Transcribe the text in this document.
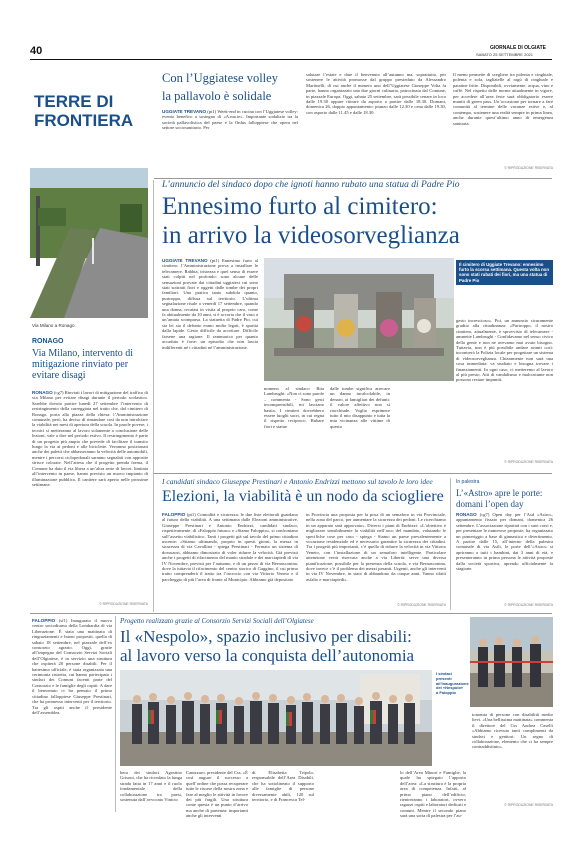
40	GIORNALE DI OLGIATE
SABATO 25 SETTEMBRE 2021
TERRE DI
FRONTIERA
Con l’Uggiatese volley
la pallavolo è solidale
UGGIATE TREVANO (pt1) Week-end in cucina con l’Uggiatese volley: evento benefico a sostegno di «A.ma.te». Importante sodalizio tra la società pallavolistica del paese e la Onlus falloppiese che opera nel settore sociosanitario. Per
salutare l’estate e dare il benvenuto all’autunno ma, soprattutto, per sostenere le attività promosse dal gruppo presieduto da Alessandro Martinelli, di cui anche il numero uno dell’Uggiatese Giuseppe Volta fa parte, hanno organizzato una due giorni culinaria, patrocinata dal Comune, in piazzale Europa. Oggi, sabato 25 settembre, sarà possibile cenare in loco dalle 19.30 oppure ritirare da asporto a partire dalle 18.30. Domani, domenica 26, doppio appuntamento: pranzo dalle 12.30 e cena dalle 19.30, con asporto dalle 11.45 e dalle 18.30.
Il menu permette di scegliere tra polenta e cinghiale, polenta e zola, tagliatelle al ragù di cinghiale e patatine fritte. Disponibili, ovviamente, acqua, vino e caffè. Nel rispetto delle norme attualmente in vigore, per accedere all’area feste sarà obbligatorio essere muniti di green pass. Un’occasione per tornare a fare comunità al termine delle vacanze estive e, al contempo, sostenere una realtà sempre in prima linea, anche durante quest’ultimo anno di emergenza sanitaria.
© RIPRODUZIONE RISERVATA
Via Milano a Ronago
RONAGO
Via Milano, intervento di mitigazione rinviato per evitare disagi
RONAGO (cg7) Rinviati i lavori di mitigazione del traffico di via Milano per evitare disagi durante il periodo scolastico. Sarebbe dovuto partire lunedì 27 settembre l’intervento di restringimento della carreggiata nel tratto che, dal cimitero di Ronago, porta alla piazza della chiesa: l’Amministrazione comunale, però, ha deciso di rimandare così da non intralciare la viabilità nei mesi di apertura della scuola. In parole povere, i tecnici si metteranno al lavoro solamente a conclusione delle lezioni, vale a dire nel periodo estivo. Il restringimento è parte di un progetto più ampio che prevede di facilitare il transito lungo la via ai pedoni e alle biciclette. Verranno posizionati anche dei paletti che abbasseranno la velocità delle automobili, mentre i percorsi ciclopedonali saranno segnalati con apposite strisce colorate. Nell’attesa che il progetto prenda forma, il Comune ha dato il via libera a un’altra serie di lavori: limitata all’intervento in paese, hanno previsto un nuovo impianto di illuminazione pubblica. Il cantiere sarà aperto nelle prossime settimane.
© RIPRODUZIONE RISERVATA
L’annuncio del sindaco dopo che ignoti hanno rubato una statua di Padre Pio
Ennesimo furto al cimitero:
in arrivo la videosorveglianza
UGGIATE TREVANO (pt1) Ennesimo furto al cimitero: l’Amministrazione prova a installare le telecamere. Rabbia, tristezza e quel senso di essere stati colpiti nel profondo: sono alcune delle sensazioni provate dai cittadini uggiatesi cui sono stati sottratti fiori e oggetti dalle tombe dei propri familiari. Una pratica tanto subdola quanto, purtroppo, diffusa sul territorio. L’ultima segnalazione risale a venerdì 17 settembre, quando una donna, recatasi in visita al proprio caro, come fa abitualmente da 10 anni, si è accorta che il vaso a un’amata scomparsa. La statuetta di Padre Pio, cui sia lei sia il defunto erano molto legati, è sparita dalla lapide. Gesto difficile da accettare. Difficile farsene una ragione. Il rammarico per quanto accaduto è forte: un episodio che non lascia indifferenti né i cittadini né l’amministrazione.
Il cimitero di Uggiate Trevano: ennesimo furto la scorsa settimana. Questa volta non sono stati rubati dei fiori, ma una statua di Padre Pio
nomeno al sindaco Rita Lambrughi: «Non ci sono parole – commenta - Sono gesti incomprensibili, mi lasciano basita. I cimiteri dovrebbero essere luoghi sacri, in cui regna il rispetto reciproco. Rubare fiori e statue
dalle tombe significa arrecare un danno incalcolabile, in denaro, ai famigliari dei defunti: il valore affettivo non si riacchiude. Voglio esprimere tutto il mio disappunto e tutta la mia vicinanza alle vittime di questo
gesto increscioso». Poi, un annuncio sicuramente gradito alla cittadinanza: «Purtroppo, il nostro cimitero, attualmente, è sprovvisto di telecamere - ammette Lambrughi - Confidavamo nel senso civico della gente e non ne avevamo mai avuto bisogno. Tuttavia, non è più possibile andare avanti così: incontrerò la Polizia locale per progettare un sistema di videosorveglianza. Chiaramente non sarà una cosa immediata: va studiato e bisogna trovare i finanziamenti. In ogni caso, ci metteremo al lavoro al più presto. Atti di vandalismo e malcostume non possono restare impuniti.
© RIPRODUZIONE RISERVATA
I candidati sindaco Giuseppe Prestinari e Antonio Endrizzi mettono sul tavolo le loro idee
Elezioni, la viabilità è un nodo da sciogliere
FALOPPIO (pt1) Comodità e sicurezza: le due liste elettorali guardano al futuro della viabilità. A una settimana dalle Elezioni amministrative, Giuseppe Prestinari e Antonio Endrizzi, candidati sindaco, rispettivamente, di «Faloppio futuro» e «Siamo Faloppio», si confrontano sull’assetto viabilistico. Tanti i progetti già sul tavolo del primo cittadino uscente: «Stiamo ultimando, proprio in questi giorni, la messa in sicurezza di via Cavallina - spiega Prestinari - Fermato un sistema di dossuaori, abbiamo dimostrato di voler ridurre la velocità. Già previsti anche i progetti di rifacimento del manto stradale e dei marciapiedi di via IV Novembre, previsti per l’autunno, e di un pezzo di via Bernasconina, dove la tuttavia il rifacimento del centro storico di Gaggino, il cui primo tratto comprenderà il tratto tra l’incrocio con via Vittorio Veneto e il parcheggio di più l’area di fronte al Municipio. Abbiamo già depositato
in Provincia una proposta per la posa di un semaforo in via Provinciale, nella zona del parco, per aumentare la sicurezza dei pedoni. Le ricerchiamo in un apparato sarà approvato». Diversi i piani di Endrizzi: «L’obiettivo è migliorare sensibilmente la viabilità nell’arco del mandato, valutando le specifiche cose per caso - spiega - Siamo un paese prevalentemente a vocazione residenziale ed è necessario garantire la sicurezza dei cittadini. Tra i progetti più importanti, c’è quello di ridurre la velocità in via Vittorio Veneto, con l’installazione di un semaforo intelligente. Particolare attenzione verrà riservata anche a via Libertà: serve una diversa pianificazione, possibile per la presenza della scuola, e via Bernasconina, dove invece c’è il problema dei mezzi pesanti. Urgenti, anche gli interventi in via IV Novembre, in stato di abbandono da cinque anni. Vanno rifatti asfalto e marciapiedi».
© RIPRODUZIONE RISERVATA
In palestra
L’«Astro» apre le porte: domani l’open day
RONAGO (cg7) Open day per l’Asd «Astro», appuntamento fissato per domani, domenica 26 settembre. L’associazione ripartirà con i suoi corsi e, per presentare le numerose proposte, ha organizzato un pomeriggio a base di ginnastica e divertimento. A partire dalle 15, all’interno della palestra comunale di via Asili, le porte dell’«Astro» si apriranno a tutti i bambini, dai 3 anni di età, e presenteranno in prima persona le attività proposte dalla società sportiva, aprendo ufficialmente la stagione.
© RIPRODUZIONE RISERVATA
FALOPPIO (sf1) Inaugurato il nuovo centro sociodiurno della Lombardia di via Liberazione. È stata una mattinata di ringraziamenti e buoni propositi, quella di sabato 18 settembre, nel piazzale dell’ex consorzio agrario. Oggi, grazie all’impegno del Consorzio Servizi Sociali dell’Olgiatese, è in servizio una struttura che ospiterà 20 persone disabili. Per il battesimo ufficiale, è stata organizzata una cerimonia ristretta, cui hanno partecipato i sindaci dei Comuni facenti parte del Consorzio e le famiglie degli ospiti. A dare il benvenuto ci ha pensato il primo cittadino falloppiese Giuseppe Prestinari, che ha promesso interventi per il territorio. Tra gli ospiti anche il presidente dell’assemblea.
Progetto realizzato grazie al Consorzio Servizi Sociali dell’Olgiatese
Il «Nespolo», spazio inclusivo per disabili:
al lavoro verso la conquista dell’autonomia
I sindaci presenti all’inaugurazione del «Nespolo» a Faloppio
bera dei sindaci Agostino Grisoni, che ha ricordato la lunga strada fatta in 17 anni e il ruolo fondamentale della collaborazione tra paesi, sostenuta dall’avvocato Vinicio
Canizzaro, presidente del Css. «È così auguro il successo a quell’ordine che possa recuperare tutte le risorse della nostra zona e fare al meglio le attività in favore dei più fragili. Una struttura come questa è un punto d’arrivo ma anche di partenza: importanti anche gli interventi
di Elisabetta Tripolo, responsabile dell’Area Disabili, che ha sottolineato il supporto alle famiglie di persone diversamente abili, 120 sul territorio, e di Francesca Tel-
lo dell’Area Minori e Famiglie, la quale ha spiegato l’apporto dell’area: «La struttura è la propria area di competenza. Infatti, al primo piano dell’edificio, rientreranno i laboratori, ovvero ragazzi ospiti e laboratori dedicati e comuni. Mentre il secondo piano sarà una sorta di palestra per l’au-
tonomia di persone con disabilità medio lievi. «Una bellissima mattinata» commenta il direttore del Css Andrea Caselli «Abbiamo ricevuto tanti complimenti da sindaci e genitori. Un segno di collaborazione, elemento che ci ha sempre contraddistinto».
© RIPRODUZIONE RISERVATA
